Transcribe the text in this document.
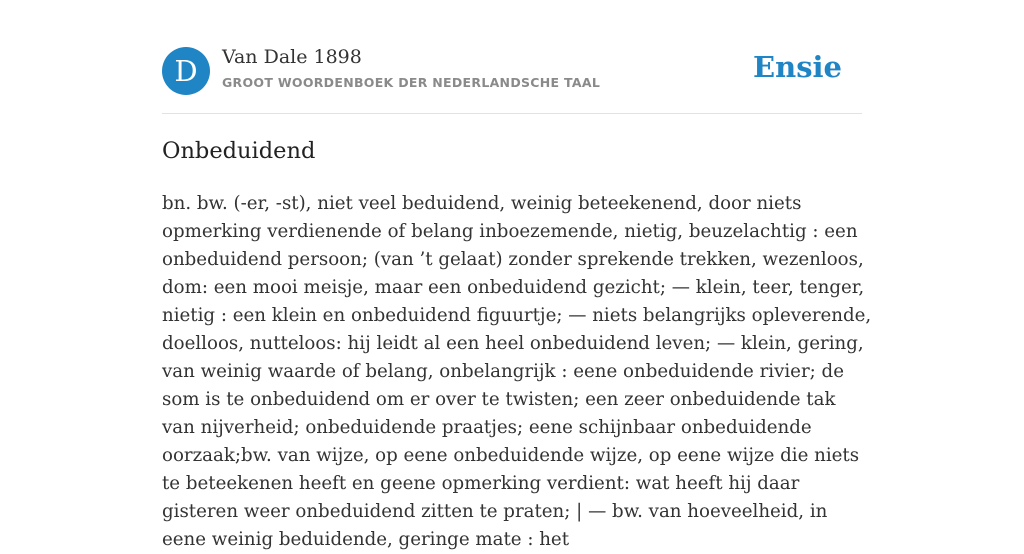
D	Van Dale 1898
GROOT WOORDENBOEK DER NEDERLANDSCHE TAAL	Ensie
Onbeduidend

bn. bw. (-er, -st), niet veel beduidend, weinig beteekenend, door niets opmerking verdienende of belang inboezemende, nietig, beuzelachtig : een onbeduidend persoon; (van ’t gelaat) zonder sprekende trekken, wezenloos, dom: een mooi meisje, maar een onbeduidend gezicht; — klein, teer, tenger, nietig : een klein en onbeduidend figuurtje; — niets belangrijks opleverende, doelloos, nutteloos: hij leidt al een heel onbeduidend leven; — klein, gering, van weinig waarde of belang, onbelangrijk : eene onbeduidende rivier; de som is te onbeduidend om er over te twisten; een zeer onbeduidende tak van nijverheid; onbeduidende praatjes; eene schijnbaar onbeduidende oorzaak;bw. van wijze, op eene onbeduidende wijze, op eene wijze die niets te beteekenen heeft en geene opmerking verdient: wat heeft hij daar gisteren weer onbeduidend zitten te praten; | — bw. van hoeveelheid, in eene weinig beduidende, geringe mate : het
